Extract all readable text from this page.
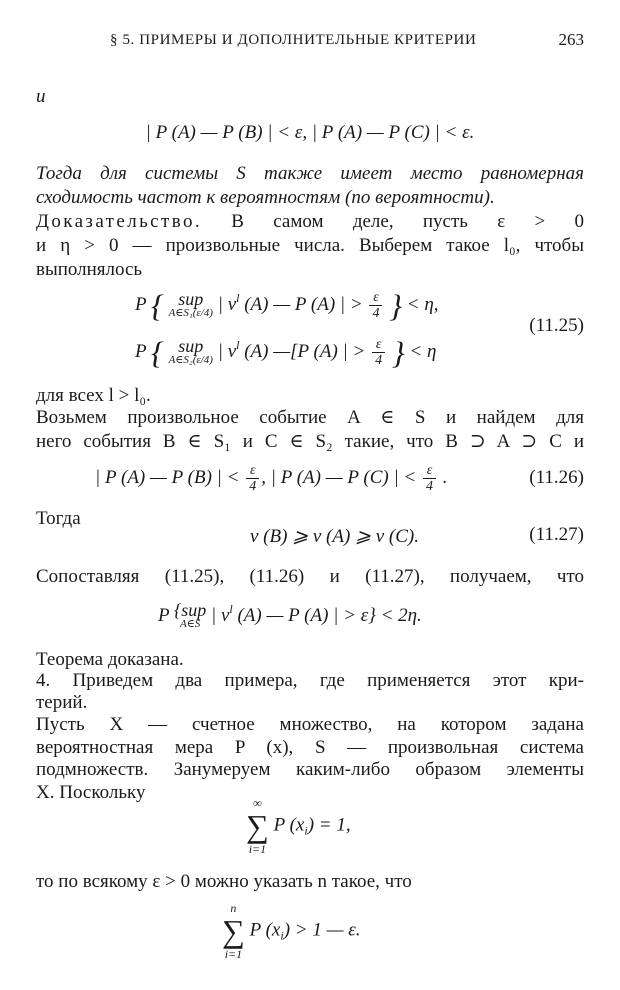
§ 5. ПРИМЕРЫ И ДОПОЛНИТЕЛЬНЫЕ КРИТЕРИИ	263
и
| P (A) — P (B) | < ε, | P (A) — P (C) | < ε.
Тогда для системы S также имеет место равномерная
сходимость частот к вероятностям (по вероятности).
Доказательство. В самом деле, пусть ε > 0
и η > 0 — произвольные числа. Выберем такое l₀, чтобы
выполнялось
P { sup
A∈S₁(ε/4) | $\nu^l$ (A) — P (A) | > $\frac{\varepsilon}{4}$ } < η,
(11.25)
P { sup
A∈S₂(ε/4) | $\nu^l$ (A) —[P (A) | > $\frac{\varepsilon}{4}$ } < η
для всех l > l₀.
Возьмем произвольное событие A ∈ S и найдем для
него события B ∈ S₁ и C ∈ S₂ такие, что B ⊃ A ⊃ C и
| P (A) — P (B) | < $\frac{\varepsilon}{4}$ , | P (A) — P (C) | < $\frac{\varepsilon}{4}$ .	(11.26)
Тогда
ν (B) ⩾ ν (A) ⩾ ν (C).	(11.27)
Сопоставляя (11.25), (11.26) и (11.27), получаем, что
P {sup
A∈S | $\nu^l$ (A) — P (A) | > ε} < 2η.
Теорема доказана.
4. Приведем два примера, где применяется этот кри-
терий.
Пусть X — счетное множество, на котором задана
вероятностная мера P (x), S — произвольная система
подмножеств. Занумеруем каким-либо образом элементы
X. Поскольку	∞
∑
i=1
P $(x_i) = 1$,
то по всякому ε > 0 можно указать n такое, что
n
∑
i=1
P $(x_i) > 1$ — ε.
